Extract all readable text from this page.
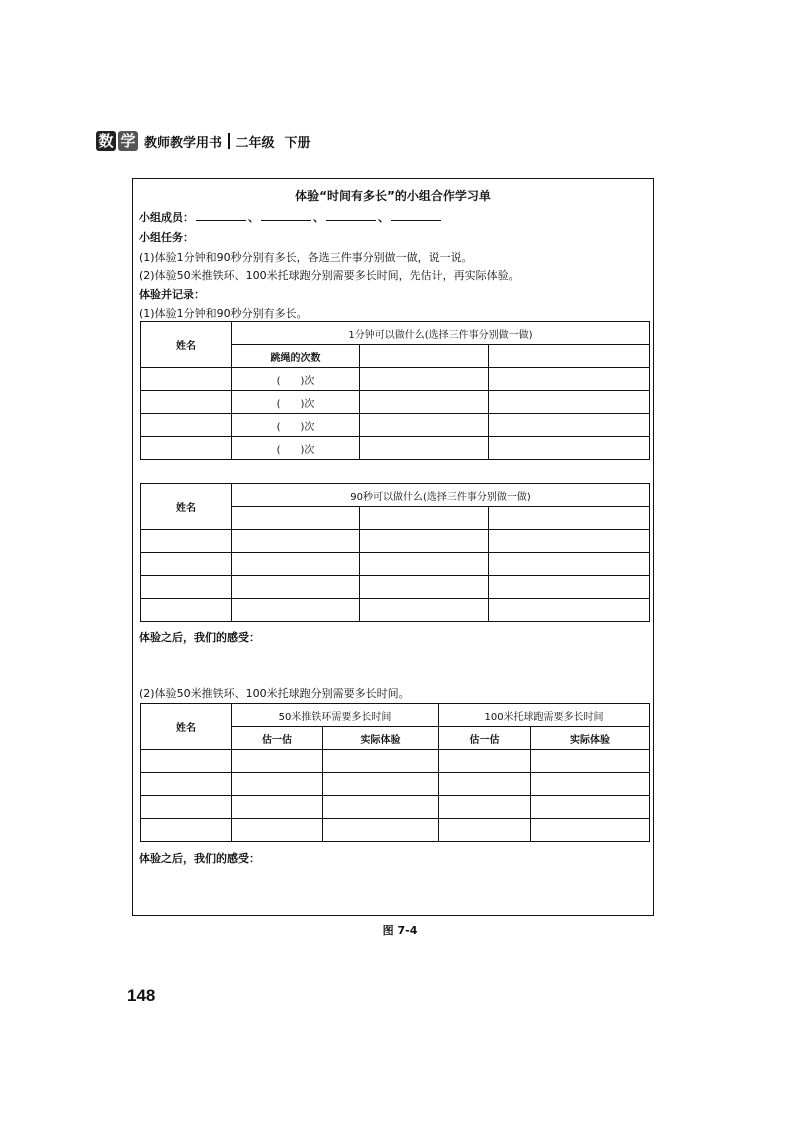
数 学 教师教学用书 二年级 下册
体验“时间有多长”的小组合作学习单
小组成员：	、	、	、
小组任务：
(1)体验1分钟和90秒分别有多长，各选三件事分别做一做，说一说。
(2)体验50米推铁环、100米托球跑分别需要多长时间，先估计，再实际体验。
体验并记录：
(1)体验1分钟和90秒分别有多长。
姓名	1分钟可以做什么(选择三件事分别做一做)		
	跳绳的次数		
	(　　)次		
	(　　)次		
	(　　)次		
	(　　)次		
姓名	90秒可以做什么(选择三件事分别做一做)		

体验之后，我们的感受：
(2)体验50米推铁环、100米托球跑分别需要多长时间。
姓名	50米推铁环需要多长时间		100米托球跑需要多长时间	
	估一估	实际体验	估一估	实际体验

体验之后，我们的感受：
图 7-4
148
